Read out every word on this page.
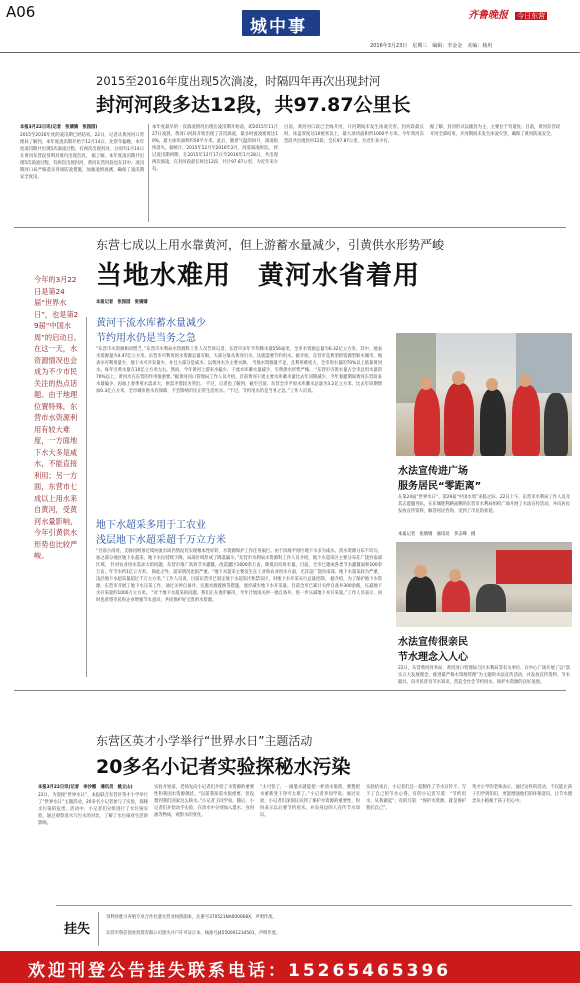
A06
城中事
齐鲁晚报 今日东营
2016年3月23日　星期三　编辑：李金金　美编：杨玥
2015至2016年度出现5次淌凌，时隔四年再次出现封河
封河河段多达12段，共97.87公里长
本报3月22日讯(记者　张婧婧　张园园)
2015至2016年度的凌汛期已经结束。22日，记者从黄河河口管理局了解到，本年度凌汛期开始于12月14日，比常年偏晚，本年度凌汛期共出现5次淌凌过程，有两次出现封河，分别为1月14日在黄河东营段垦利县境内出现首封。 据了解，本年度凌汛期共出现5次淌凌过程，有两次出现封河，黄河东营河段也在其中。凌汛期河口局严格落实各项防凌措施，加强凌情观测，确保了凌汛期安全度汛。
本年度最早的一次淌凌情况出现在凌汛期开始前，即2015年11月27日凌晨，黄河口河段开始出现了首次淌凌，最多时流凌密度达10%，最大冰块面积约50平方米。此后，随着气温的回升，淌凌很快消失。据统计，2015年12月至2016年2月，河道淌凌两次。 经过凌汛期初期，在2015年12月17日至2016年1月28日，共出现两次淌凌，在封河段最长时达12段，共计97.87公里，为近年来少有。
目前，黄河河口段已全线开河，开河期间未发生冰凌灾害。封河段最长时，冰盖厚度达10厘米以上，最大冰块面积约1000平方米。今年黄河东营段共出现封河12段，全长97.87公里，为近年来少有。
据了解，封河形式以插封为主，主要位于弯道处。目前，黄河东营段开河全部结束，开河期间未发生冰凌灾害，确保了黄河防凌安全。
东营七成以上用水靠黄河，但上游蓄水量减少，引黄供水形势严峻
当地水难用　黄河水省着用
本报记者　张园园　张婧婧
今年的3月22日是第24届“世界水日”，也是第29届“中国水周”的启动日。在这一天，水资源情况也会成为不少市民关注的热点话题。由于地理位置特殊，东营市水资源利用有较大难度，一方面地下水大多是咸水，不能直接利用；另一方面，东营市七成以上用水来自黄河，受黄河水量影响，今年引黄供水形势也比较严峻。
黄河干流水库蓄水量减少
节约用水仍是当务之急
“东营市水资源相对匮乏，”东营市水利局水资源科工作人员告诉记者，东营市多年平均降水量556毫米，全市水资源总量为6.32亿立方米，其中，地表水资源量为4.47亿立方米。东营市可利用的水资源总量有限，大部分靠从黄河引水，这就需要节约用水。据介绍，东营市是典型的资源型缺水城市，地表水可利用量少，地下水可开采量少，并且大部分是咸水，以黄河水为主要水源。 当地水资源量不足，且利用难度大，全市用水量的70%以上依靠黄河水。每年引黄水量在10亿立方米左右。然而，今年黄河上游来水偏少，干流水库蓄水量减少，引黄供水形势严峻。 “东营市引黄水量占全市总用水量的70%以上，黄河水在东营的作用很重要。”据黄河河口管理局工作人员介绍，目前黄河干流主要水库蓄水量比去年同期减少，今年春灌期间黄河东营段来水量偏少，再加上春季用水需求大，供需矛盾较为突出。 不过，记者也了解到，截至目前，东营全市平原水库蓄水总量为3.2亿立方米，比去年同期增加0.3亿立方米，全市城市供水有保障，不会影响市民正常生活用水。“不过，节约用水仍是当务之急。”工作人员说。
地下水超采多用于工农业
浅层地下水超采超千万立方米
“目前小清河、支脉河两条过境河流水质仍然没有实现根本性好转，水资源保护工作任务艰巨。由于滨海平原区地下水多为咸水，淡水资源分布不均匀，加之部分地区地下水超采，地下水位持续下降，局部区域形成了降落漏斗。”东营市水利局水资源科工作人员介绍，地下水超采区主要分布在广饶县南部区域。 针对农业用水需求大的问题，东营市推广高效节水灌溉，改造灌区1600余万亩，降低亩均用水量。目前，全市已建成各类节水灌溉面积100余万亩，年节水约1亿立方米。 除此之外，超采情况也很严重。“地下水超采主要发生在工业和农业用水方面，尤其是广饶县南部，地下水超采较为严重，浅层地下水超采量超过千万立方米。”工作人员说，目前东营市已划定地下水超采区和禁采区，对地下水开采实行总量控制。 据介绍，为了保护地下水资源，东营市开展了地下水压采工作，通过关停自备井、实施水源置换等措施，逐步减少地下水开采量。目前全市已累计关停自备井300余眼，压减地下水开采量约1000万立方米。 “对于地下水超采的问题，我们正在逐步解决，今年计划再关停一批自备井，进一步压减地下水开采量。”工作人员表示，同时也希望市民和企业增强节水意识，共同保护好宝贵的水资源。
水法宣传进广场
服务居民“零距离”
在第24届“世界水日”、第29届“中国水周”来临之际，22日上午，东营市水利局工作人员及其志愿服务队，在东城胜利路南侧的东营市水利局组织广场开展了水法宣传活动，并向居民发放宣传资料，解答居民咨询，受到了市民的欢迎。
本报记者　张婧婧　通讯员　李志峰　摄
水法宣传很亲民
节水理念入人心
22日，东营黄河河务局、黄河河口管理局与区水利局等有关单位，在中心广场开展了以“落实五大发展理念，推进最严格水资源管理”为主题的水法宣传活动，并发放宣传资料、节水器具，向市民普及节水知识，营造全社会节约用水、保护水资源的良好氛围。
东营区英才小学举行“世界水日”主题活动
20多名小记者实验探秘水污染
本报3月22日讯(记者　李沙娜　通讯员　姚立山)
22日，为迎接“世界水日”，本报联合东营区英才小学举行了“世界水日”主题活动，20多名小记者参与了实验，探秘水污染的危害。活动中，小记者们分组进行了水污染实验，通过观察清水与污水的对比，了解了水污染对生活的影响。
实验开始前，老师先向小记者们介绍了水资源的重要性和我国水资源现状。“以前我知道水很重要，但没想到我们国家这么缺水。”小记者王同学说。随后，小记者们开始动手实验，在清水中分别加入墨水、食用油等物质，观察水的变化。
“太可怕了，一滴墨水就能把一杯清水染黑，要想把水重新变干净可太难了。”小记者李同学说。通过实验，小记者们深刻认识到了保护水资源的重要性，纷纷表示以后要节约用水，并向身边的人宣传节水知识。
实验结束后，小记者们还一起制作了节水宣传卡，写下了自己的节水心得。有的小记者写道：“节约用水，从我做起”；有的写道：“保护水资源，就是保护我们自己”。
英才小学的老师表示，通过这样的活动，不仅能让孩子们学到知识，更能增强他们的环保意识，让节水理念从小植根于孩子们心中。
挂失
垦利县胜兴养殖专业合作社遗失营业执照副本，注册号370521NA000068X，声明作废。
东营市鲁信创业投资有限公司遗失开户许可证正本，核准号J4550001234501，声明作废。
欢迎刊登公告挂失联系电话：15265465396
